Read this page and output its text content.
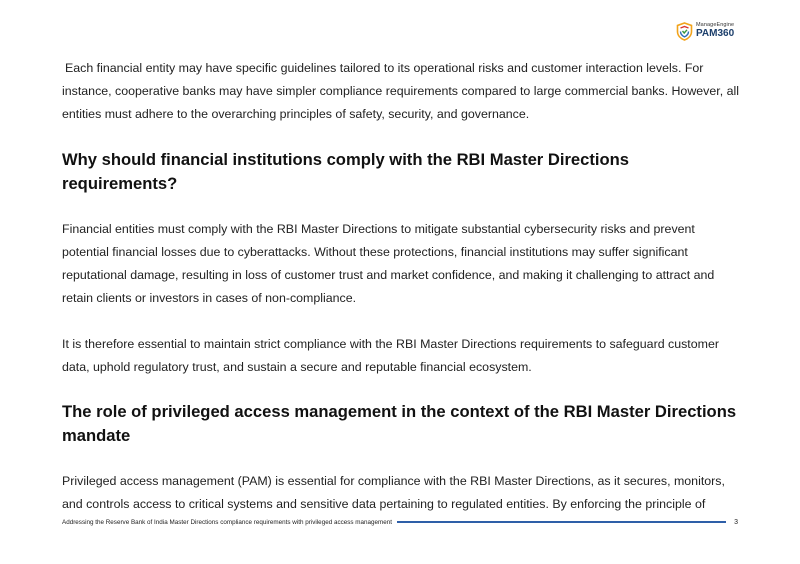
ManageEngine
PAM360

Each financial entity may have specific guidelines tailored to its operational risks and customer interaction levels. For instance, cooperative banks may have simpler compliance requirements compared to large commercial banks. However, all entities must adhere to the overarching principles of safety, security, and governance.

Why should financial institutions comply with the RBI Master Directions requirements?

Financial entities must comply with the RBI Master Directions to mitigate substantial cybersecurity risks and prevent potential financial losses due to cyberattacks. Without these protections, financial institutions may suffer significant reputational damage, resulting in loss of customer trust and market confidence, and making it challenging to attract and retain clients or investors in cases of non-compliance.

It is therefore essential to maintain strict compliance with the RBI Master Directions requirements to safeguard customer data, uphold regulatory trust, and sustain a secure and reputable financial ecosystem.

The role of privileged access management in the context of the RBI Master Directions mandate

Privileged access management (PAM) is essential for compliance with the RBI Master Directions, as it secures, monitors, and controls access to critical systems and sensitive data pertaining to regulated entities. By enforcing the principle of

Addressing the Reserve Bank of India Master Directions compliance requirements with privileged access management	3
